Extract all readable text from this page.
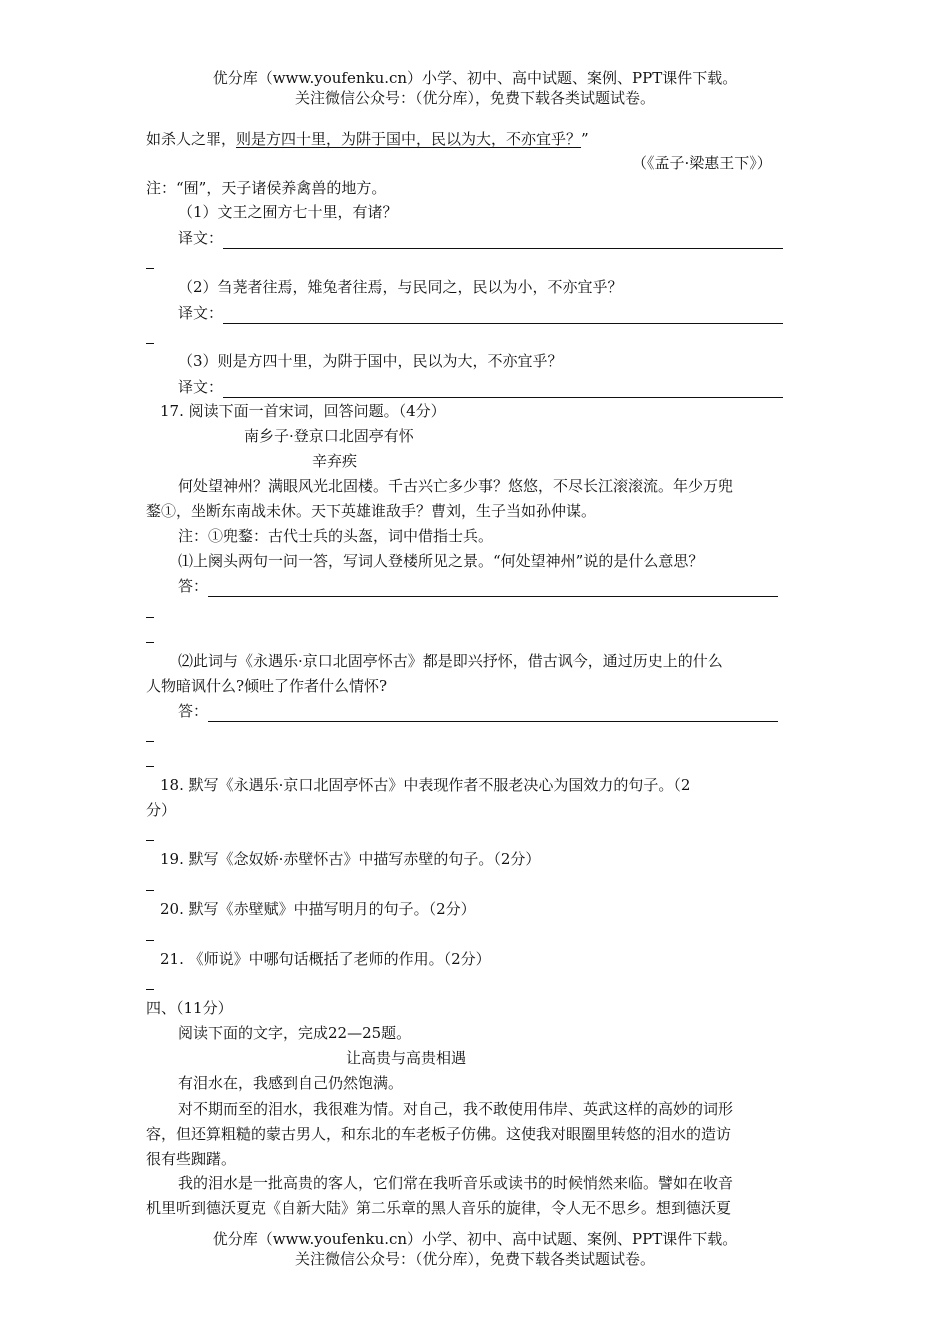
优分库（www.youfenku.cn）小学、初中、高中试题、案例、PPT课件下载。
关注微信公众号：（优分库），免费下载各类试题试卷。
如杀人之罪，则是方四十里，为阱于国中，民以为大，不亦宜乎？”
（《孟子·梁惠王下》）
注：“囿”，天子诸侯养禽兽的地方。
（1）文王之囿方七十里，有诸？
译文：
（2）刍荛者往焉，雉兔者往焉，与民同之，民以为小，不亦宜乎？
译文：
（3）则是方四十里，为阱于国中，民以为大，不亦宜乎？
译文：
17. 阅读下面一首宋词，回答问题。（4分）
南乡子·登京口北固亭有怀
辛弃疾
何处望神州？满眼风光北固楼。千古兴亡多少事？悠悠，不尽长江滚滚流。年少万兜
鍪①，坐断东南战未休。天下英雄谁敌手？曹刘，生子当如孙仲谋。
注：①兜鍪：古代士兵的头盔，词中借指士兵。
⑴上阕头两句一问一答，写词人登楼所见之景。“何处望神州”说的是什么意思？
答：
⑵此词与《永遇乐·京口北固亭怀古》都是即兴抒怀，借古讽今，通过历史上的什么
人物暗讽什么?倾吐了作者什么情怀?
答：
18. 默写《永遇乐·京口北固亭怀古》中表现作者不服老决心为国效力的句子。（2
分）
19. 默写《念奴娇·赤壁怀古》中描写赤壁的句子。（2分）
20. 默写《赤壁赋》中描写明月的句子。（2分）
21. 《师说》中哪句话概括了老师的作用。（2分）
四、（11分）
阅读下面的文字，完成22—25题。
让高贵与高贵相遇
有泪水在，我感到自己仍然饱满。
对不期而至的泪水，我很难为情。对自己，我不敢使用伟岸、英武这样的高妙的词形
容，但还算粗糙的蒙古男人，和东北的车老板子仿佛。这使我对眼圈里转悠的泪水的造访
很有些踟躇。
我的泪水是一批高贵的客人，它们常在我听音乐或读书的时候悄然来临。譬如在收音
机里听到德沃夏克《自新大陆》第二乐章的黑人音乐的旋律，令人无不思乡。想到德沃夏
优分库（www.youfenku.cn）小学、初中、高中试题、案例、PPT课件下载。
关注微信公众号：（优分库），免费下载各类试题试卷。
